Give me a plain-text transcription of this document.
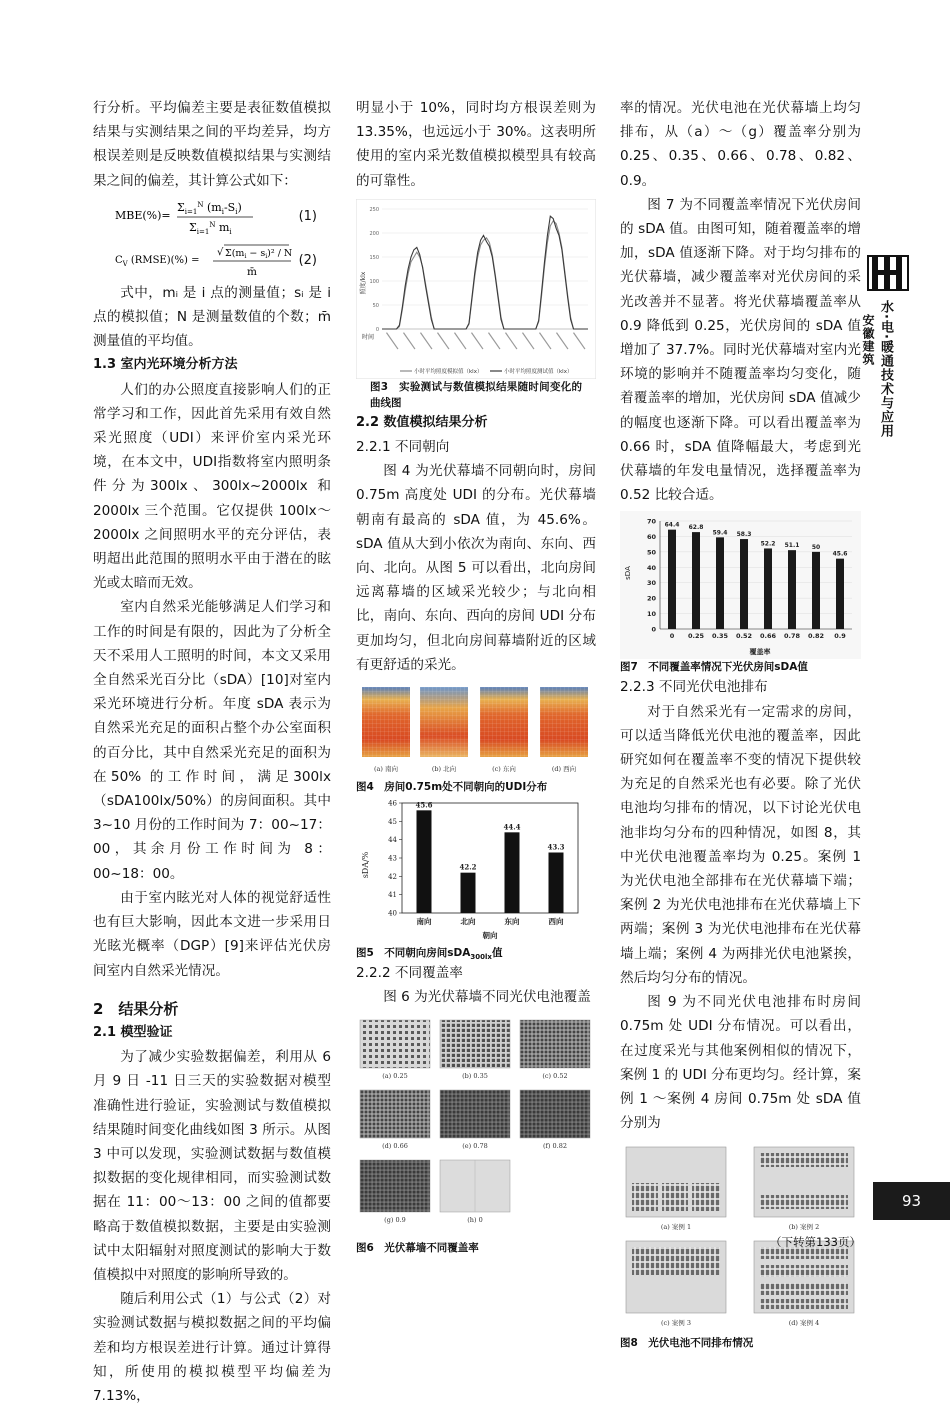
行分析。平均偏差主要是表征数值模拟结果与实测结果之间的平均差异，均方根误差则是反映数值模拟结果与实测结果之间的偏差，其计算公式如下：

MBE(%)=
$\Sigma_{i=1}^N$ $(m_i-S_i)$
$\Sigma_{i=1}^N$ $m_i$
(1)
$C_V$ (RMSE)(%) =
√ $\Sigma(m_i - s_i)^2 / N$
m̄
(2)

式中，mᵢ 是 i 点的测量值；sᵢ 是 i 点的模拟值；N 是测量数值的个数；m̄ 测量值的平均值。

1.3 室内光环境分析方法

人们的办公照度直接影响人们的正常学习和工作，因此首先采用有效自然采光照度（UDI）来评价室内采光环境，在本文中，UDI指数将室内照明条件分为300lx、300lx~2000lx 和 2000lx 三个范围。它仅提供 100lx～2000lx 之间照明水平的充分评估，表明超出此范围的照明水平由于潜在的眩光或太暗而无效。

室内自然采光能够满足人们学习和工作的时间是有限的，因此为了分析全天不采用人工照明的时间，本文又采用全自然采光百分比（sDA）[10]对室内采光环境进行分析。年度 sDA 表示为自然采光充足的面积占整个办公室面积的百分比，其中自然采光充足的面积为在50% 的工作时间，满足300lx（sDA100lx/50%）的房间面积。其中 3~10 月份的工作时间为 7：00~17：00，其余月份工作时间为 8：00~18：00。

由于室内眩光对人体的视觉舒适性也有巨大影响，因此本文进一步采用日光眩光概率（DGP）[9]来评估光伏房间室内自然采光情况。

2　结果分析

2.1 模型验证

为了减少实验数据偏差，利用从 6 月 9 日 -11 日三天的实验数据对模型准确性进行验证，实验测试与数值模拟结果随时间变化曲线如图 3 所示。从图 3 中可以发现，实验测试数据与数值模拟数据的变化规律相同，而实验测试数据在 11：00～13：00 之间的值都要略高于数值模拟数据，主要是由实验测试中太阳辐射对照度测试的影响大于数值模拟中对照度的影响所导致的。

随后利用公式（1）与公式（2）对实验测试数据与模拟数据之间的平均偏差和均方根误差进行计算。通过计算得知，所使用的模拟模型平均偏差为 7.13%，

明显小于 10%，同时均方根误差则为 13.35%，也远远小于 30%。这表明所使用的室内采光数值模拟模型具有较高的可靠性。

照度/klx
时间
0
50
100
150
200
250
小时平均照度模拟值（klx）	小时平均照度测试值（klx）

图3　实验测试与数值模拟结果随时间变化的曲线图

2.2 数值模拟结果分析

2.2.1 不同朝向

图 4 为光伏幕墙不同朝向时，房间 0.75m 高度处 UDI 的分布。光伏幕墙朝南有最高的 sDA 值，为 45.6%。sDA 值从大到小依次为南向、东向、西向、北向。从图 5 可以看出，北向房间远离幕墙的区域采光较少；与北向相比，南向、东向、西向的房间 UDI 分布更加均匀，但北向房间幕墙附近的区域有更舒适的采光。

(a) 南向	(b) 北向	(c) 东向	(d) 西向

图4　房间0.75m处不同朝向的UDI分布

sDA/%
40
41
42
43
44
45
46
朝向
45.6
南向
42.2
北向
44.4
东向
43.3
西向

图5　不同朝向房间sDA$_{300lx}$值

2.2.2 不同覆盖率

图 6 为光伏幕墙不同光伏电池覆盖

(a) 0.25	(b) 0.35	(c) 0.52
(d) 0.66	(e) 0.78	(f) 0.82
(g) 0.9	(h) 0

图6　光伏幕墙不同覆盖率

率的情况。光伏电池在光伏幕墙上均匀排布，从（a）～（g）覆盖率分别为 0.25、0.35、0.66、0.78、0.82、0.9。

图 7 为不同覆盖率情况下光伏房间的 sDA 值。由图可知，随着覆盖率的增加，sDA 值逐渐下降。对于均匀排布的光伏幕墙，减少覆盖率对光伏房间的采光改善并不显著。将光伏幕墙覆盖率从 0.9 降低到 0.25，光伏房间的 sDA 值增加了 37.7%。同时光伏幕墙对室内光环境的影响并不随覆盖率均匀变化，随着覆盖率的增加，光伏房间 sDA 值减少的幅度也逐渐下降。可以看出覆盖率为 0.66 时，sDA 值降幅最大，考虑到光伏幕墙的年发电量情况，选择覆盖率为 0.52 比较合适。

sDA
覆盖率
0
10
20
30
40
50
60
70 64.4
0
62.8
0.25
59.4
0.35
58.3
0.52
52.2
0.66
51.1
0.78
50
0.82
45.6
0.9

图7　不同覆盖率情况下光伏房间sDA值

2.2.3 不同光伏电池排布

对于自然采光有一定需求的房间，可以适当降低光伏电池的覆盖率，因此研究如何在覆盖率不变的情况下提供较为充足的自然采光也有必要。除了光伏电池均匀排布的情况，以下讨论光伏电池非均匀分布的四种情况，如图 8，其中光伏电池覆盖率均为 0.25。案例 1 为光伏电池全部排布在光伏幕墙下端；案例 2 为光伏电池排布在光伏幕墙上下两端；案例 3 为光伏电池排布在光伏幕墙上端；案例 4 为两排光伏电池紧挨，然后均匀分布的情况。

图 9 为不同光伏电池排布时房间 0.75m 处 UDI 分布情况。可以看出，在过度采光与其他案例相似的情况下，案例 1 的 UDI 分布更均匀。经计算，案例 1 ～案例 4 房间 0.75m 处 sDA 值分别为

(a) 案例 1	(b) 案例 2
(c) 案例 3	(d) 案例 4

图8　光伏电池不同排布情况

水·电·暖通技术与应用
安徽建筑
93
（下转第133页）
